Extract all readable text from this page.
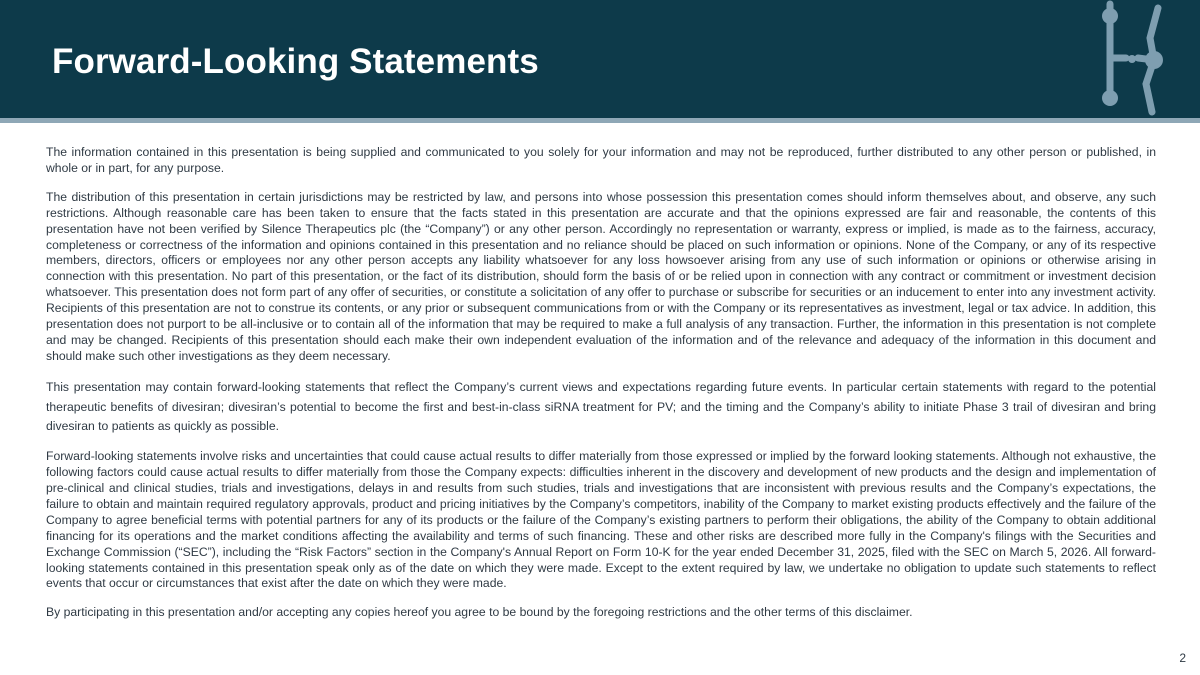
Forward-Looking Statements

The information contained in this presentation is being supplied and communicated to you solely for your information and may not be reproduced, further distributed to any other person or published, in whole or in part, for any purpose.

The distribution of this presentation in certain jurisdictions may be restricted by law, and persons into whose possession this presentation comes should inform themselves about, and observe, any such restrictions. Although reasonable care has been taken to ensure that the facts stated in this presentation are accurate and that the opinions expressed are fair and reasonable, the contents of this presentation have not been verified by Silence Therapeutics plc (the “Company”) or any other person. Accordingly no representation or warranty, express or implied, is made as to the fairness, accuracy, completeness or correctness of the information and opinions contained in this presentation and no reliance should be placed on such information or opinions. None of the Company, or any of its respective members, directors, officers or employees nor any other person accepts any liability whatsoever for any loss howsoever arising from any use of such information or opinions or otherwise arising in connection with this presentation. No part of this presentation, or the fact of its distribution, should form the basis of or be relied upon in connection with any contract or commitment or investment decision whatsoever. This presentation does not form part of any offer of securities, or constitute a solicitation of any offer to purchase or subscribe for securities or an inducement to enter into any investment activity. Recipients of this presentation are not to construe its contents, or any prior or subsequent communications from or with the Company or its representatives as investment, legal or tax advice. In addition, this presentation does not purport to be all-inclusive or to contain all of the information that may be required to make a full analysis of any transaction. Further, the information in this presentation is not complete and may be changed. Recipients of this presentation should each make their own independent evaluation of the information and of the relevance and adequacy of the information in this document and should make such other investigations as they deem necessary.

This presentation may contain forward-looking statements that reflect the Company’s current views and expectations regarding future events. In particular certain statements with regard to the potential therapeutic benefits of divesiran; divesiran’s potential to become the first and best-in-class siRNA treatment for PV; and the timing and the Company’s ability to initiate Phase 3 trail of divesiran and bring divesiran to patients as quickly as possible.

Forward-looking statements involve risks and uncertainties that could cause actual results to differ materially from those expressed or implied by the forward looking statements. Although not exhaustive, the following factors could cause actual results to differ materially from those the Company expects: difficulties inherent in the discovery and development of new products and the design and implementation of pre-clinical and clinical studies, trials and investigations, delays in and results from such studies, trials and investigations that are inconsistent with previous results and the Company’s expectations, the failure to obtain and maintain required regulatory approvals, product and pricing initiatives by the Company’s competitors, inability of the Company to market existing products effectively and the failure of the Company to agree beneficial terms with potential partners for any of its products or the failure of the Company’s existing partners to perform their obligations, the ability of the Company to obtain additional financing for its operations and the market conditions affecting the availability and terms of such financing. These and other risks are described more fully in the Company's filings with the Securities and Exchange Commission (“SEC”), including the “Risk Factors” section in the Company's Annual Report on Form 10-K for the year ended December 31, 2025, filed with the SEC on March 5, 2026. All forward-looking statements contained in this presentation speak only as of the date on which they were made. Except to the extent required by law, we undertake no obligation to update such statements to reflect events that occur or circumstances that exist after the date on which they were made.

By participating in this presentation and/or accepting any copies hereof you agree to be bound by the foregoing restrictions and the other terms of this disclaimer.

2
